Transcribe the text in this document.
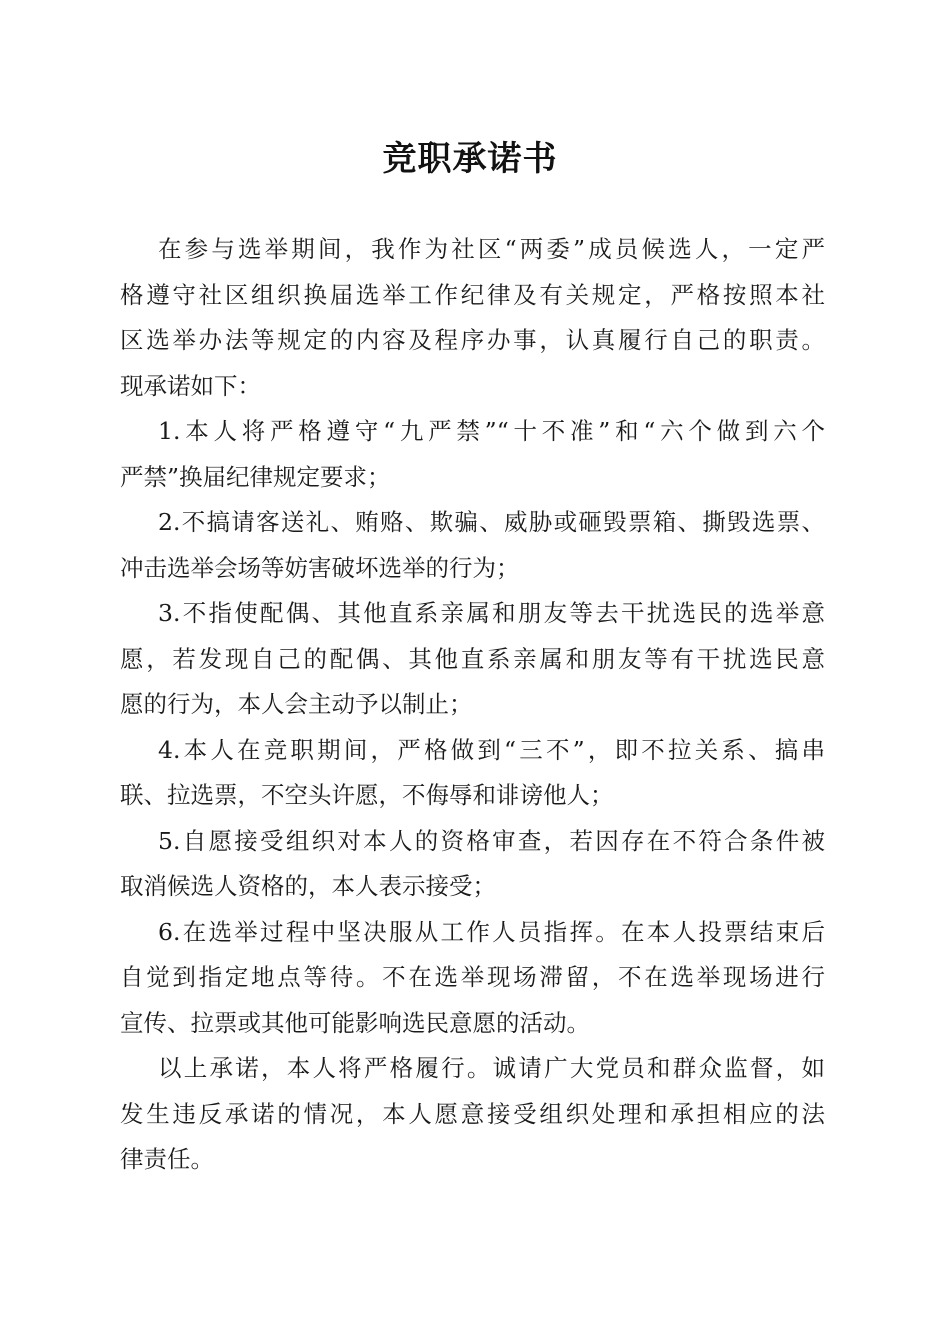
竞职承诺书
在参与选举期间，我作为社区“两委”成员候选人，一定严
格遵守社区组织换届选举工作纪律及有关规定，严格按照本社
区选举办法等规定的内容及程序办事，认真履行自己的职责。
现承诺如下：
1.本人将严格遵守“九严禁”“十不准”和“六个做到六个
严禁”换届纪律规定要求；
2.不搞请客送礼、贿赂、欺骗、威胁或砸毁票箱、撕毁选票、
冲击选举会场等妨害破坏选举的行为；
3.不指使配偶、其他直系亲属和朋友等去干扰选民的选举意
愿，若发现自己的配偶、其他直系亲属和朋友等有干扰选民意
愿的行为，本人会主动予以制止；
4.本人在竞职期间，严格做到“三不”，即不拉关系、搞串
联、拉选票，不空头许愿，不侮辱和诽谤他人；
5.自愿接受组织对本人的资格审查，若因存在不符合条件被
取消候选人资格的，本人表示接受；
6.在选举过程中坚决服从工作人员指挥。在本人投票结束后
自觉到指定地点等待。不在选举现场滞留，不在选举现场进行
宣传、拉票或其他可能影响选民意愿的活动。
以上承诺，本人将严格履行。诚请广大党员和群众监督，如
发生违反承诺的情况，本人愿意接受组织处理和承担相应的法
律责任。
